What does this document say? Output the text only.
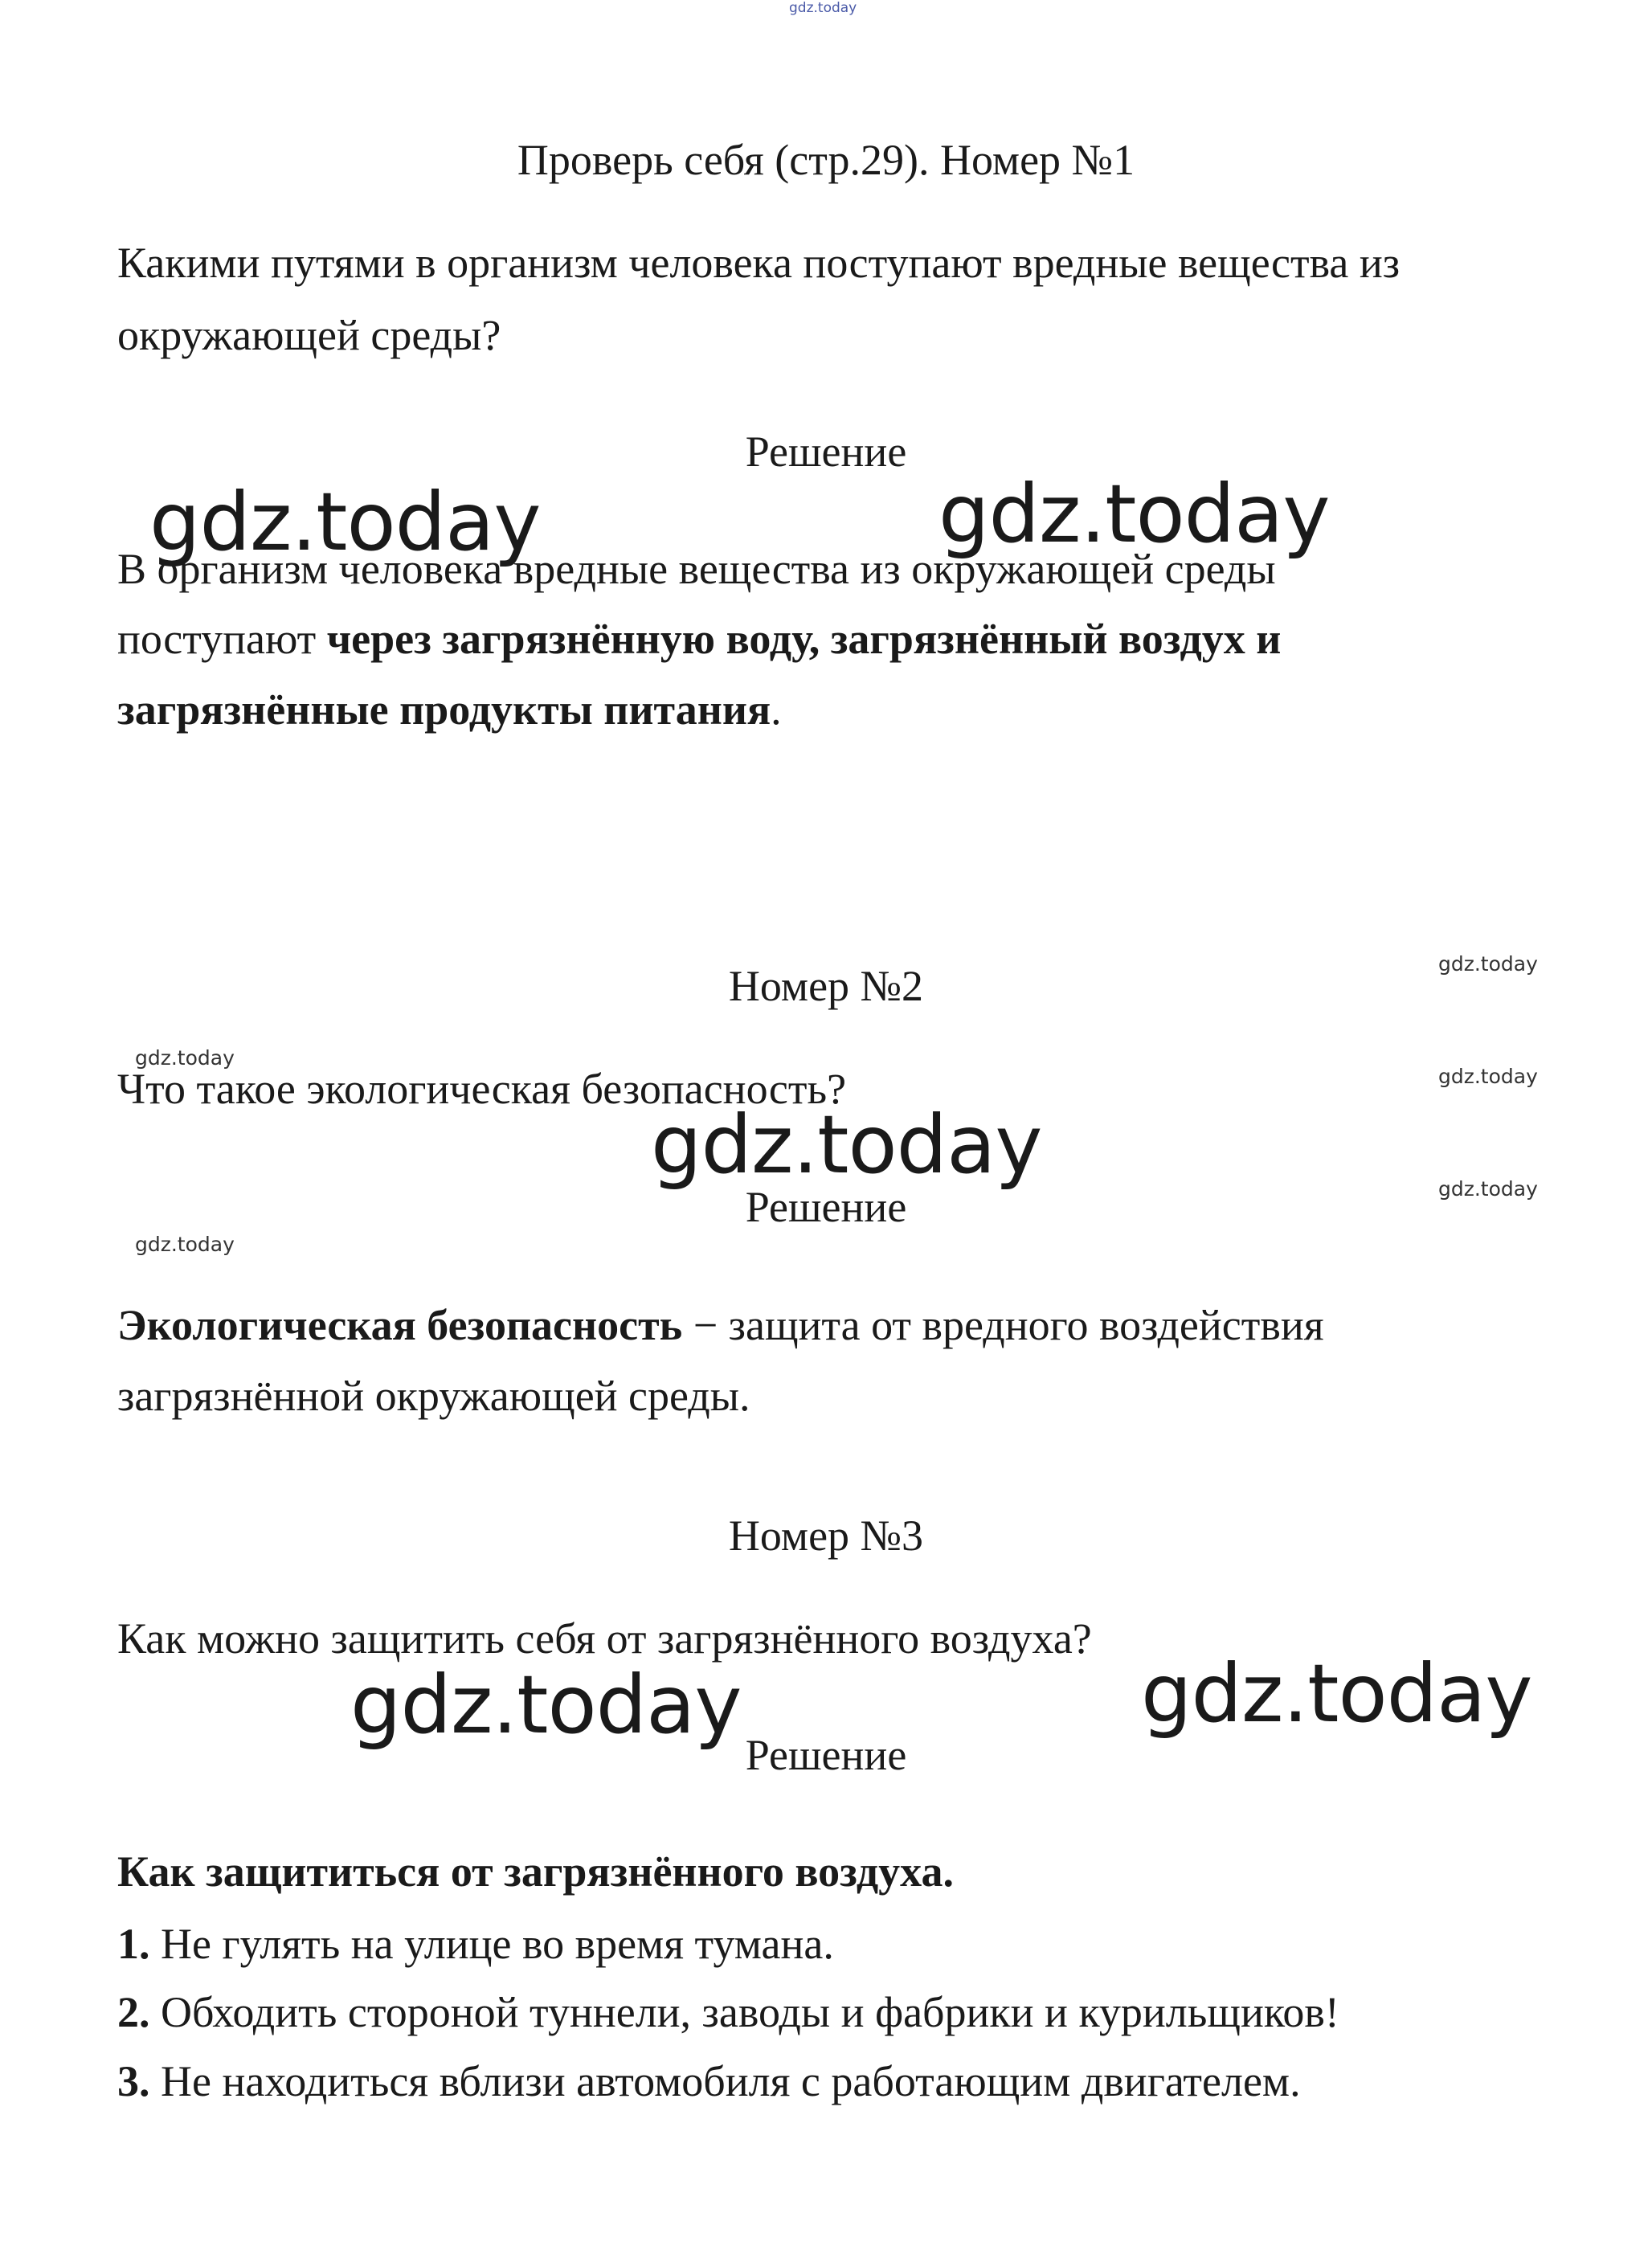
gdz.today
Проверь себя (стр.29). Номер №1
Какими путями в организм человека поступают вредные вещества из
окружающей среды?
Решение
В организм человека вредные вещества из окружающей среды
поступают через загрязнённую воду, загрязнённый воздух и
загрязнённые продукты питания.
Номер №2
Что такое экологическая безопасность?
Решение
Экологическая безопасность − защита от вредного воздействия
загрязнённой окружающей среды.
Номер №3
Как можно защитить себя от загрязнённого воздуха?
Решение
Как защититься от загрязнённого воздуха.
1. Не гулять на улице во время тумана.
2. Обходить стороной туннели, заводы и фабрики и курильщиков!
3. Не находиться вблизи автомобиля с работающим двигателем.
gdz.today	gdz.today
gdz.today
gdz.today	gdz.today
gdz.today
gdz.today
gdz.today
gdz.today
gdz.today
